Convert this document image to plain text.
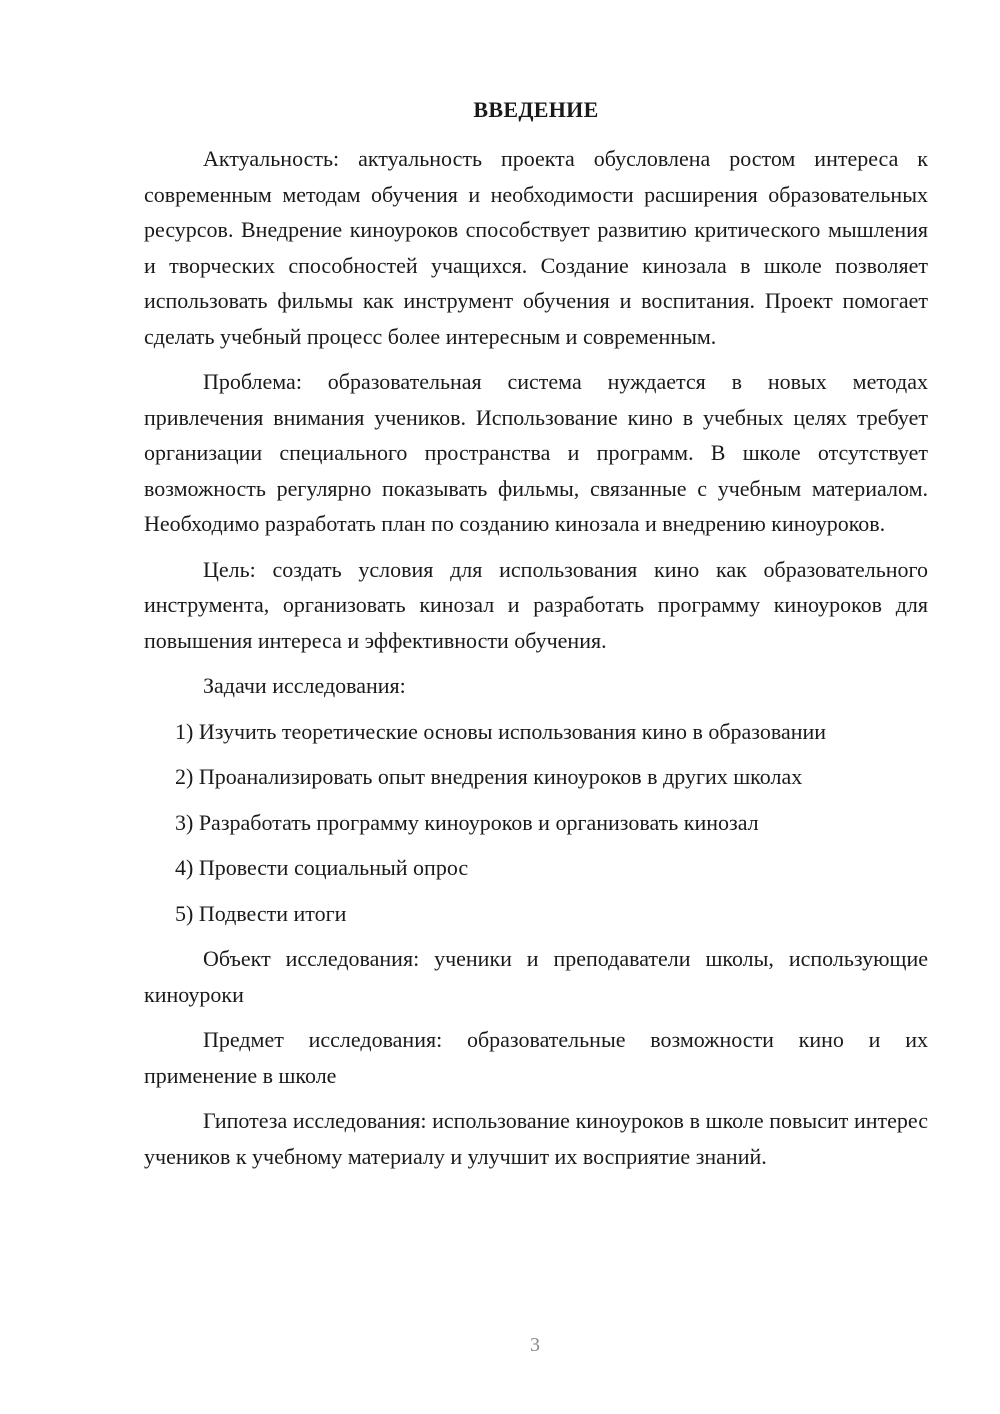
ВВЕДЕНИЕ

Актуальность: актуальность проекта обусловлена ростом интереса к современным методам обучения и необходимости расширения образовательных ресурсов. Внедрение киноуроков способствует развитию критического мышления и творческих способностей учащихся. Создание кинозала в школе позволяет использовать фильмы как инструмент обучения и воспитания. Проект помогает сделать учебный процесс более интересным и современным.

Проблема: образовательная система нуждается в новых методах привлечения внимания учеников. Использование кино в учебных целях требует организации специального пространства и программ. В школе отсутствует возможность регулярно показывать фильмы, связанные с учебным материалом. Необходимо разработать план по созданию кинозала и внедрению киноуроков.

Цель: создать условия для использования кино как образовательного инструмента, организовать кинозал и разработать программу киноуроков для повышения интереса и эффективности обучения.

Задачи исследования:

1) Изучить теоретические основы использования кино в образовании
2) Проанализировать опыт внедрения киноуроков в других школах
3) Разработать программу киноуроков и организовать кинозал
4) Провести социальный опрос
5) Подвести итоги

Объект исследования: ученики и преподаватели школы, использующие киноуроки

Предмет исследования: образовательные возможности кино и их применение в школе

Гипотеза исследования: использование киноуроков в школе повысит интерес учеников к учебному материалу и улучшит их восприятие знаний.

3
